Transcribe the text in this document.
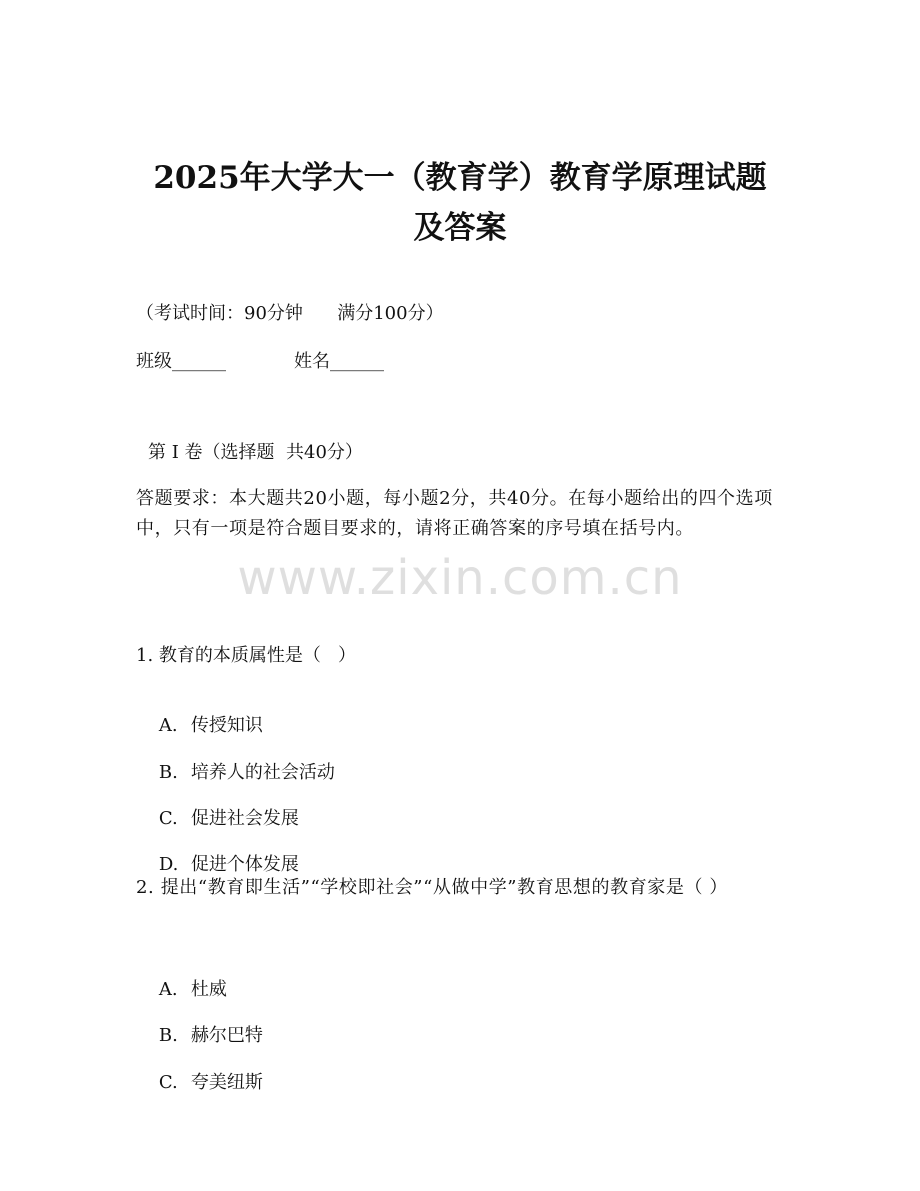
2025年大学大一（教育学）教育学原理试题
及答案
（考试时间：90分钟      满分100分）
班级______	姓名______
第 I 卷（选择题  共40分）
答题要求：本大题共20小题，每小题2分，共40分。在每小题给出的四个选项中，只有一项是符合题目要求的，请将正确答案的序号填在括号内。
www.zixin.com.cn
1. 教育的本质属性是（   ）

A. 传授知识

B. 培养人的社会活动

C. 促进社会发展

D. 促进个体发展

2. 提出“教育即生活”“学校即社会”“从做中学”教育思想的教育家是（ ）

A. 杜威

B. 赫尔巴特

C. 夸美纽斯
